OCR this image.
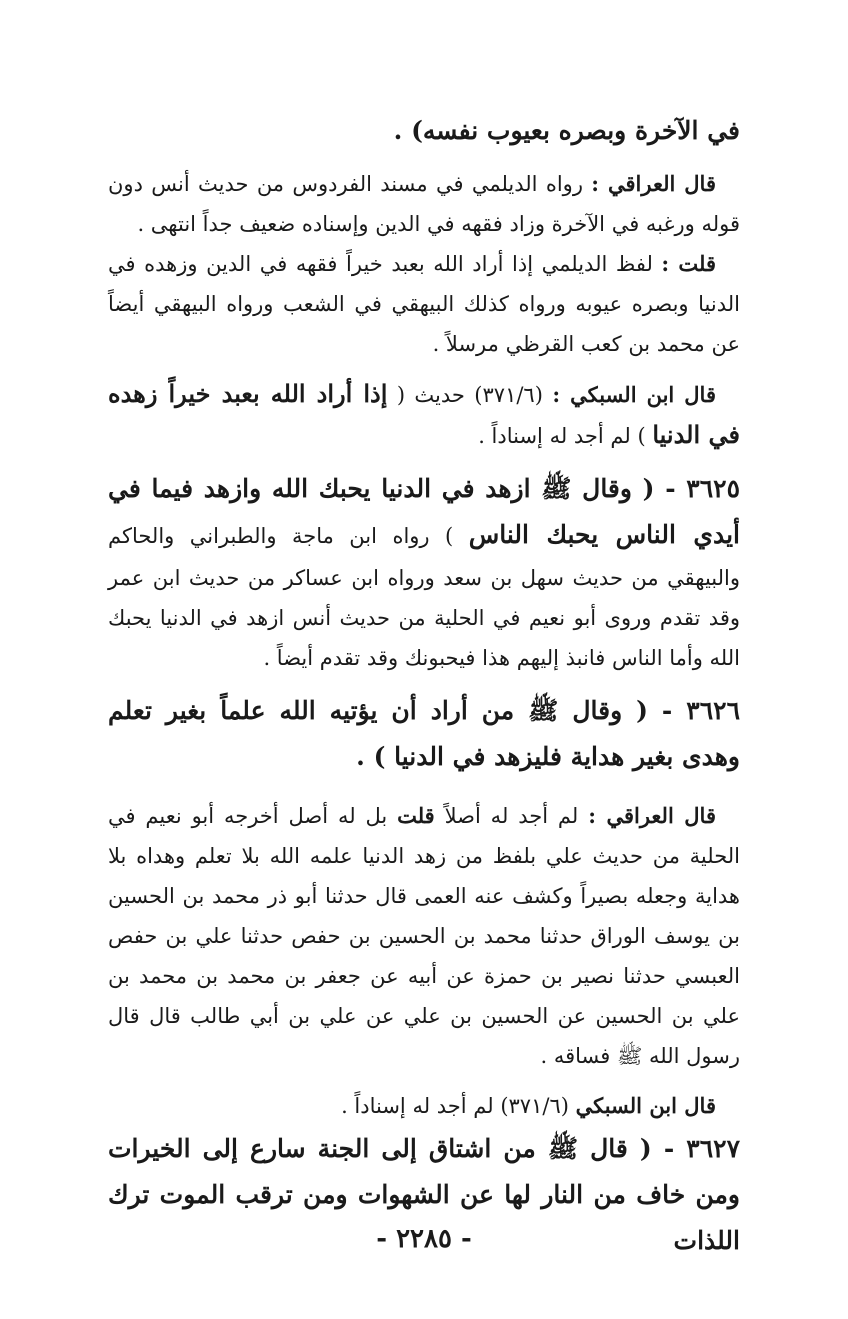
في الآخرة وبصره بعيوب نفسه) .

قال العراقي : رواه الديلمي في مسند الفردوس من حديث أنس دون قوله ورغبه في الآخرة وزاد فقهه في الدين وإسناده ضعيف جداً انتهى .

قلت : لفظ الديلمي إذا أراد الله بعبد خيراً فقهه في الدين وزهده في الدنيا وبصره عيوبه ورواه كذلك البيهقي في الشعب ورواه البيهقي أيضاً عن محمد بن كعب القرظي مرسلاً .

قال ابن السبكي : (٣٧١/٦) حديث ( إذا أراد الله بعبد خيراً زهده في الدنيا ) لم أجد له إسناداً .

٣٦٢٥ - ( وقال ﷺ ازهد في الدنيا يحبك الله وازهد فيما في أيدي الناس يحبك الناس ) رواه ابن ماجة والطبراني والحاكم والبيهقي من حديث سهل بن سعد ورواه ابن عساكر من حديث ابن عمر وقد تقدم وروى أبو نعيم في الحلية من حديث أنس ازهد في الدنيا يحبك الله وأما الناس فانبذ إليهم هذا فيحبونك وقد تقدم أيضاً .

٣٦٢٦ - ( وقال ﷺ من أراد أن يؤتيه الله علماً بغير تعلم وهدى بغير هداية فليزهد في الدنيا ) .

قال العراقي : لم أجد له أصلاً قلت بل له أصل أخرجه أبو نعيم في الحلية من حديث علي بلفظ من زهد الدنيا علمه الله بلا تعلم وهداه بلا هداية وجعله بصيراً وكشف عنه العمى قال حدثنا أبو ذر محمد بن الحسين بن يوسف الوراق حدثنا محمد بن الحسين بن حفص حدثنا علي بن حفص العبسي حدثنا نصير بن حمزة عن أبيه عن جعفر بن محمد بن محمد بن علي بن الحسين عن الحسين بن علي عن علي بن أبي طالب قال قال رسول الله ﷺ فساقه .

قال ابن السبكي (٣٧١/٦) لم أجد له إسناداً .

٣٦٢٧ - ( قال ﷺ من اشتاق إلى الجنة سارع إلى الخيرات ومن خاف من النار لها عن الشهوات ومن ترقب الموت ترك اللذات

- ٢٢٨٥ -
